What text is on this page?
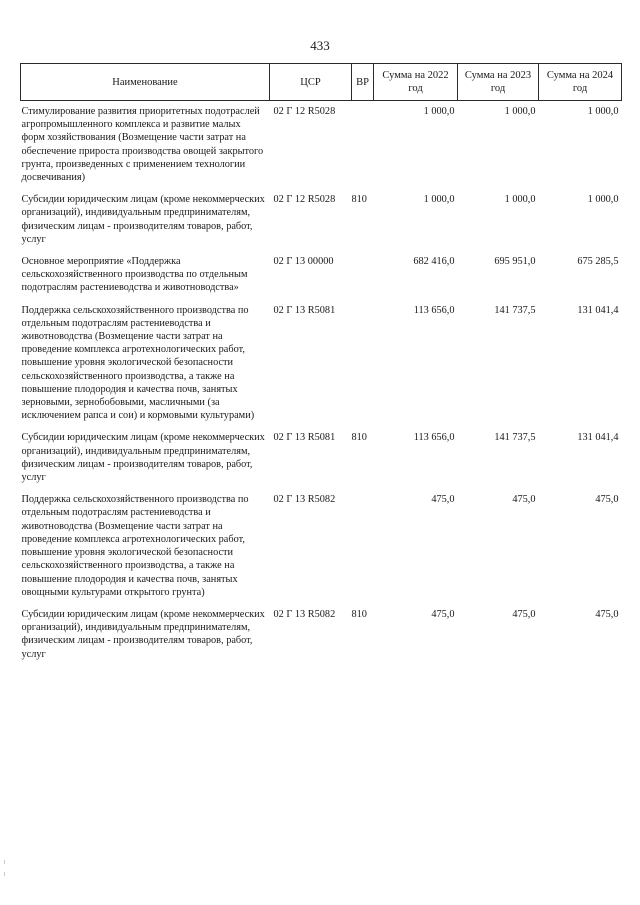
433
Наименование	ЦСР	ВР	Сумма на 2022 год	Сумма на 2023 год	Сумма на 2024 год
Стимулирование развития приоритетных подотраслей агропромышленного комплекса и развитие малых форм хозяйствования (Возмещение части затрат на обеспечение прироста производства овощей закрытого грунта, произведенных с применением технологии досвечивания)	02 Г 12 R5028		1 000,0	1 000,0	1 000,0
Субсидии юридическим лицам (кроме некоммерческих организаций), индивидуальным предпринимателям, физическим лицам - производителям товаров, работ, услуг	02 Г 12 R5028	810	1 000,0	1 000,0	1 000,0
Основное мероприятие «Поддержка сельскохозяйственного производства по отдельным подотраслям растениеводства и животноводства»	02 Г 13 00000		682 416,0	695 951,0	675 285,5
Поддержка сельскохозяйственного производства по отдельным подотраслям растениеводства и животноводства (Возмещение части затрат на проведение комплекса агротехнологических работ, повышение уровня экологической безопасности сельскохозяйственного производства, а также на повышение плодородия и качества почв, занятых зерновыми, зернобобовыми, масличными (за исключением рапса и сои) и кормовыми культурами)	02 Г 13 R5081		113 656,0	141 737,5	131 041,4
Субсидии юридическим лицам (кроме некоммерческих организаций), индивидуальным предпринимателям, физическим лицам - производителям товаров, работ, услуг	02 Г 13 R5081	810	113 656,0	141 737,5	131 041,4
Поддержка сельскохозяйственного производства по отдельным подотраслям растениеводства и животноводства (Возмещение части затрат на проведение комплекса агротехнологических работ, повышение уровня экологической безопасности сельскохозяйственного производства, а также на повышение плодородия и качества почв, занятых овощными культурами открытого грунта)	02 Г 13 R5082		475,0	475,0	475,0
Субсидии юридическим лицам (кроме некоммерческих организаций), индивидуальным предпринимателям, физическим лицам - производителям товаров, работ, услуг	02 Г 13 R5082	810	475,0	475,0	475,0
